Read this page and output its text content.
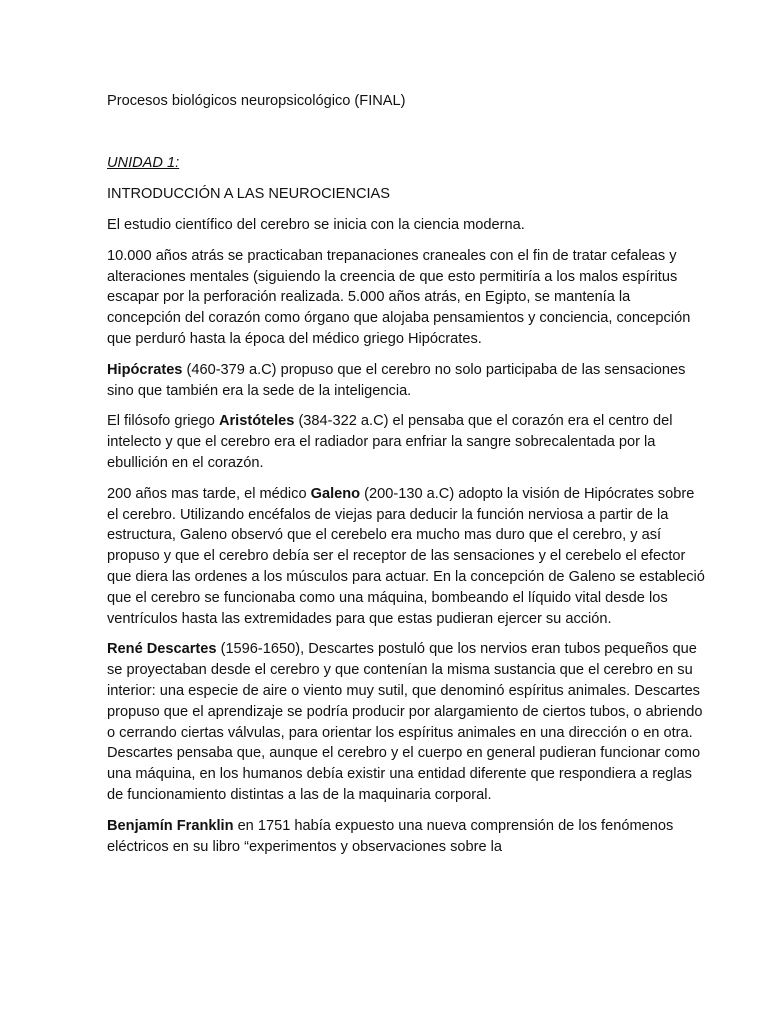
Procesos biológicos neuropsicológico (FINAL)

UNIDAD 1:

INTRODUCCIÓN A LAS NEUROCIENCIAS

El estudio científico del cerebro se inicia con la ciencia moderna.

10.000 años atrás se practicaban trepanaciones craneales con el fin de tratar cefaleas y alteraciones mentales (siguiendo la creencia de que esto permitiría a los malos espíritus escapar por la perforación realizada. 5.000 años atrás, en Egipto, se mantenía la concepción del corazón como órgano que alojaba pensamientos y conciencia, concepción que perduró hasta la época del médico griego Hipócrates.

Hipócrates (460-379 a.C) propuso que el cerebro no solo participaba de las sensaciones sino que también era la sede de la inteligencia.

El filósofo griego Aristóteles (384-322 a.C) el pensaba que el corazón era el centro del intelecto y que el cerebro era el radiador para enfriar la sangre sobrecalentada por la ebullición en el corazón.

200 años mas tarde, el médico Galeno (200-130 a.C) adopto la visión de Hipócrates sobre el cerebro. Utilizando encéfalos de viejas para deducir la función nerviosa a partir de la estructura, Galeno observó que el cerebelo era mucho mas duro que el cerebro, y así propuso y que el cerebro debía ser el receptor de las sensaciones y el cerebelo el efector que diera las ordenes a los músculos para actuar. En la concepción de Galeno se estableció que el cerebro se funcionaba como una máquina, bombeando el líquido vital desde los ventrículos hasta las extremidades para que estas pudieran ejercer su acción.

René Descartes (1596-1650), Descartes postuló que los nervios eran tubos pequeños que se proyectaban desde el cerebro y que contenían la misma sustancia que el cerebro en su interior: una especie de aire o viento muy sutil, que denominó espíritus animales. Descartes propuso que el aprendizaje se podría producir por alargamiento de ciertos tubos, o abriendo o cerrando ciertas válvulas, para orientar los espíritus animales en una dirección o en otra. Descartes pensaba que, aunque el cerebro y el cuerpo en general pudieran funcionar como una máquina, en los humanos debía existir una entidad diferente que respondiera a reglas de funcionamiento distintas a las de la maquinaria corporal.

Benjamín Franklin en 1751 había expuesto una nueva comprensión de los fenómenos eléctricos en su libro “experimentos y observaciones sobre la
